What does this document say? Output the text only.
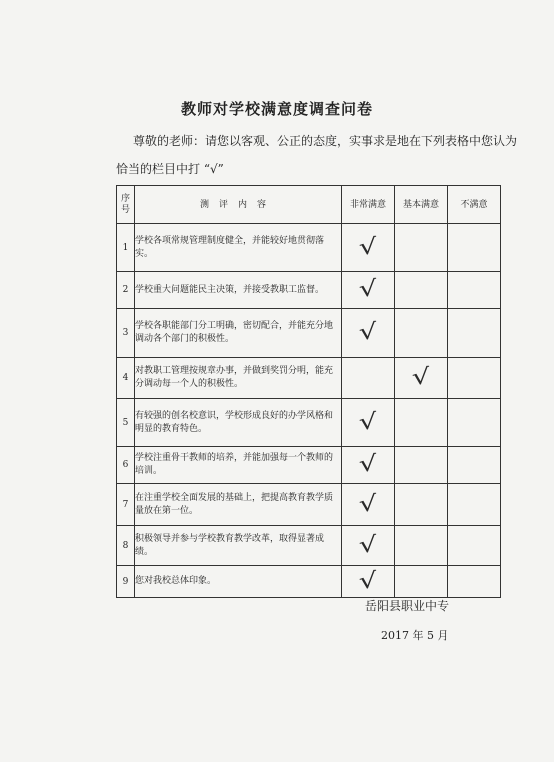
教师对学校满意度调查问卷
尊敬的老师：请您以客观、公正的态度，实事求是地在下列表格中您认为
恰当的栏目中打 “√”
序号	测评内容	非常满意	基本满意	不满意
1	学校各项常规管理制度健全，并能较好地贯彻落实。	√		
2	学校重大问题能民主决策，并接受教职工监督。	√		
3	学校各职能部门分工明确，密切配合，并能充分地调动各个部门的积极性。	√		
4	对教职工管理按规章办事，并做到奖罚分明，能充分调动每一个人的积极性。		√	
5	有较强的创名校意识，学校形成良好的办学风格和明显的教育特色。	√		
6	学校注重骨干教师的培养，并能加强每一个教师的培训。	√		
7	在注重学校全面发展的基础上，把提高教育教学质量放在第一位。	√		
8	积极领导并参与学校教育教学改革，取得显著成绩。	√		
9	您对我校总体印象。	√		
岳阳县职业中专
2017 年 5 月
